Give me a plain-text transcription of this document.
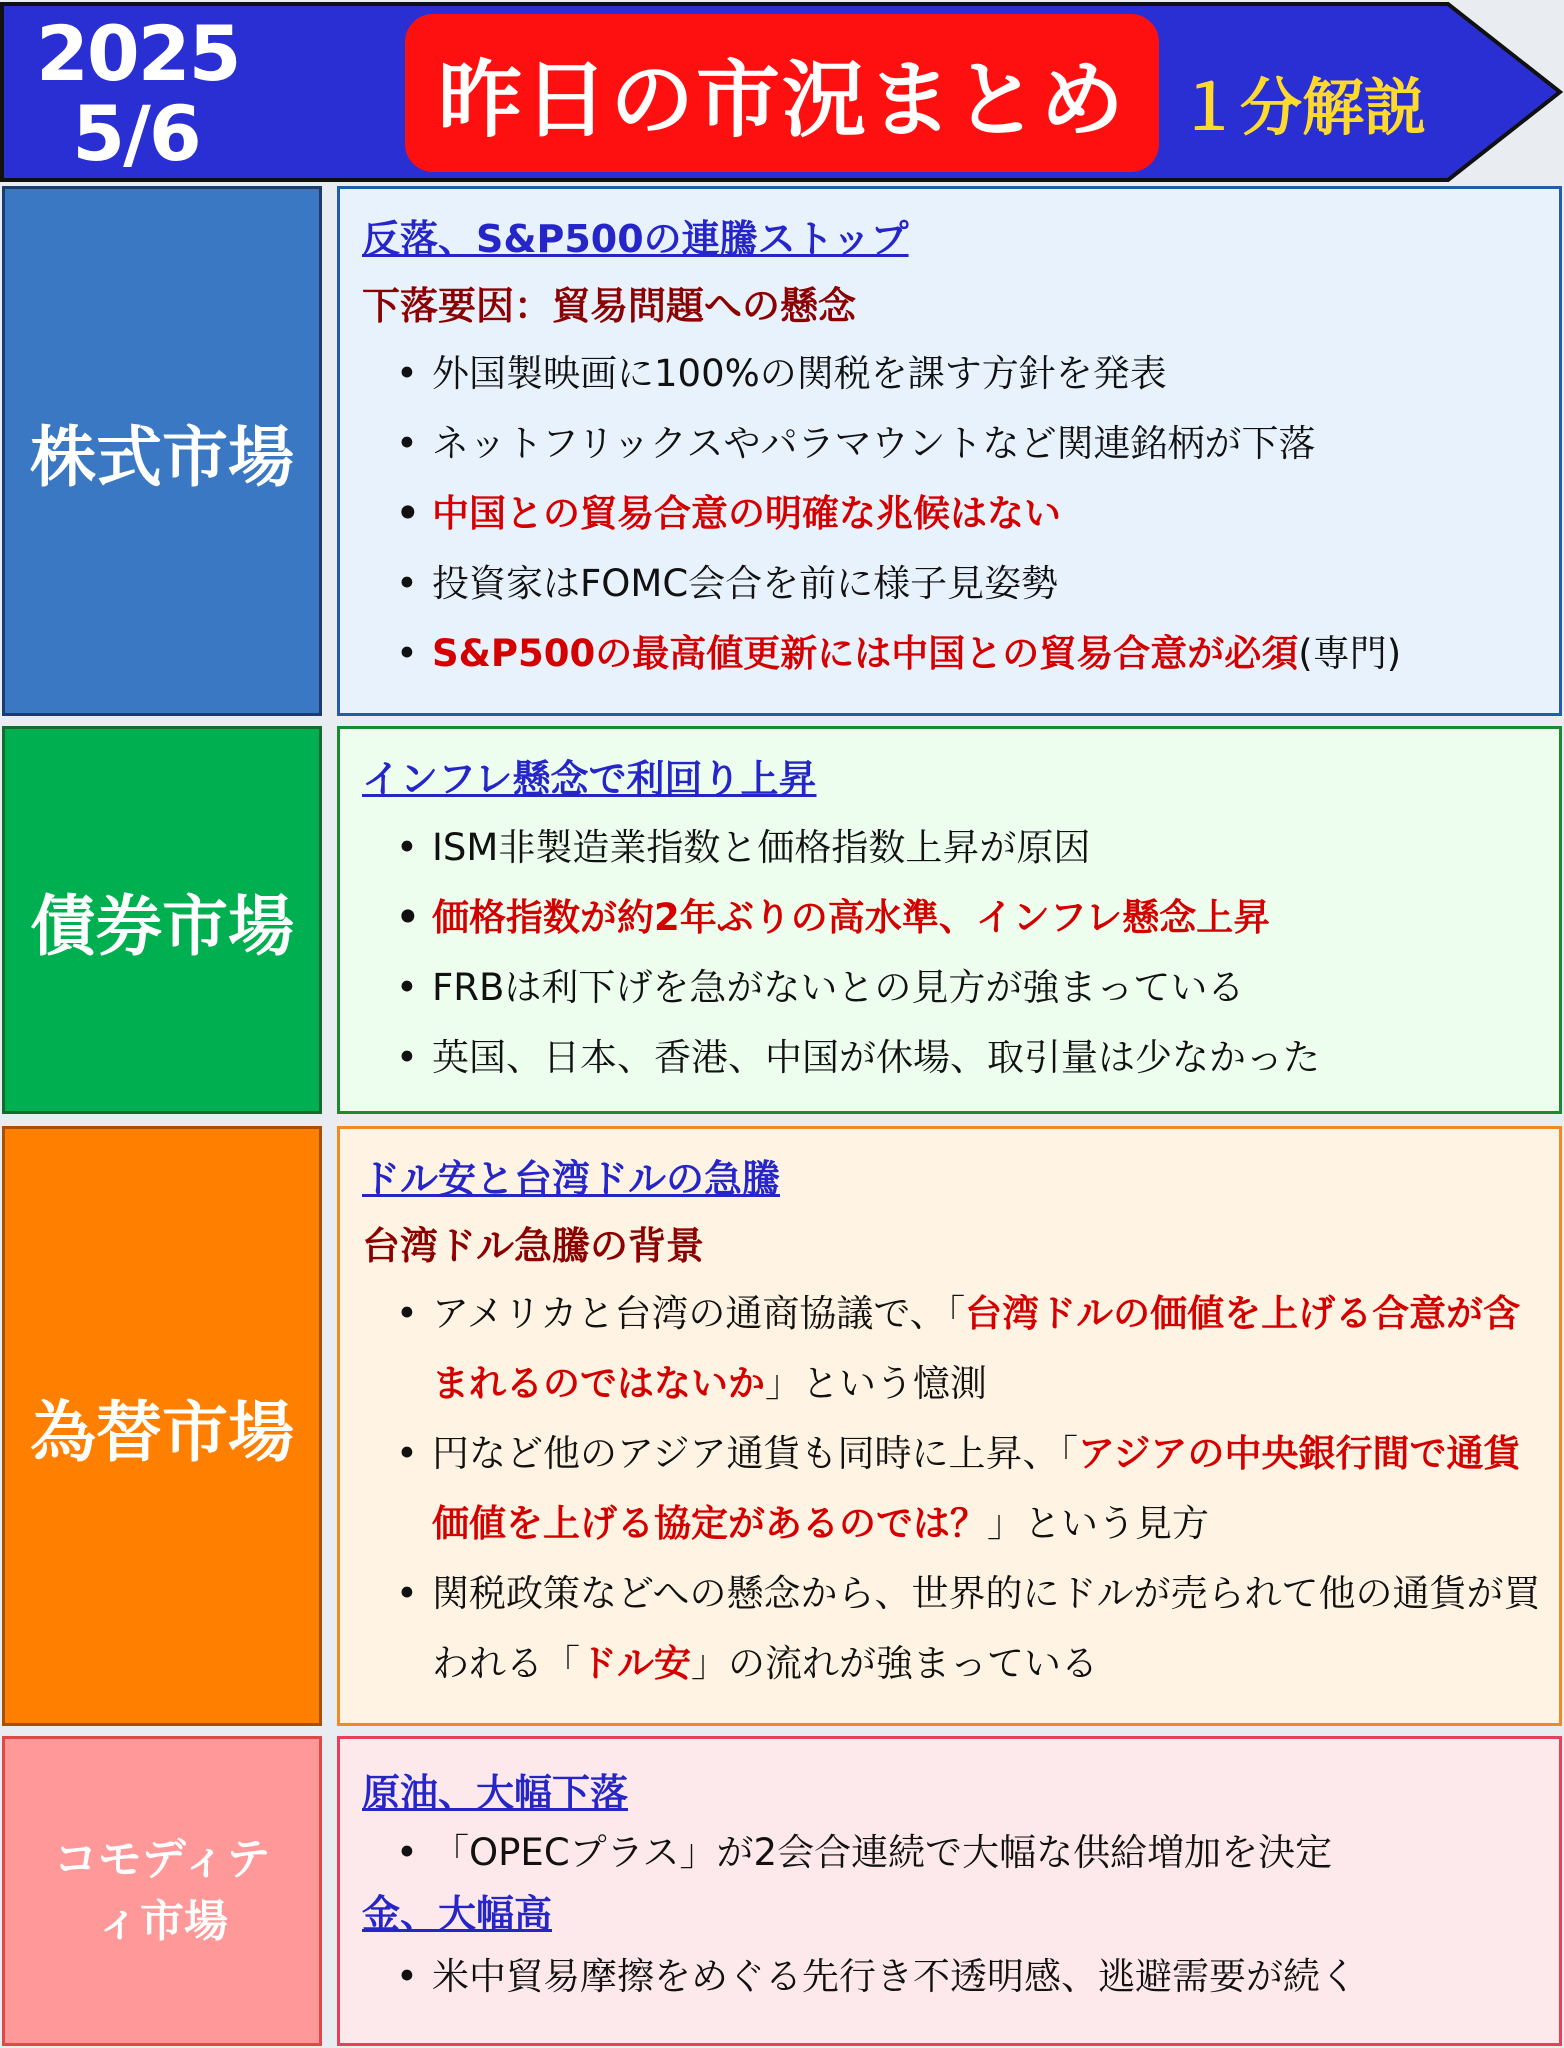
2025
5/6	昨日の市況まとめ １分解説
株式市場
反落、S&P500の連騰ストップ
下落要因：貿易問題への懸念
• 外国製映画に100%の関税を課す方針を発表
• ネットフリックスやパラマウントなど関連銘柄が下落
• 中国との貿易合意の明確な兆候はない
• 投資家はFOMC会合を前に様子見姿勢
• S&P500の最高値更新には中国との貿易合意が必須(専門)
債券市場
インフレ懸念で利回り上昇
• ISM非製造業指数と価格指数上昇が原因
• 価格指数が約2年ぶりの高水準、インフレ懸念上昇
• FRBは利下げを急がないとの見方が強まっている
• 英国、日本、香港、中国が休場、取引量は少なかった
為替市場
ドル安と台湾ドルの急騰
台湾ドル急騰の背景
• アメリカと台湾の通商協議で、「台湾ドルの価値を上げる合意が含まれるのではないか」という憶測
• 円など他のアジア通貨も同時に上昇、「アジアの中央銀行間で通貨価値を上げる協定があるのでは？」という見方
• 関税政策などへの懸念から、世界的にドルが売られて他の通貨が買われる「ドル安」の流れが強まっている
コモディテ
ィ市場
原油、大幅下落
• 「OPECプラス」が2会合連続で大幅な供給増加を決定
金、大幅高
• 米中貿易摩擦をめぐる先行き不透明感、逃避需要が続く
